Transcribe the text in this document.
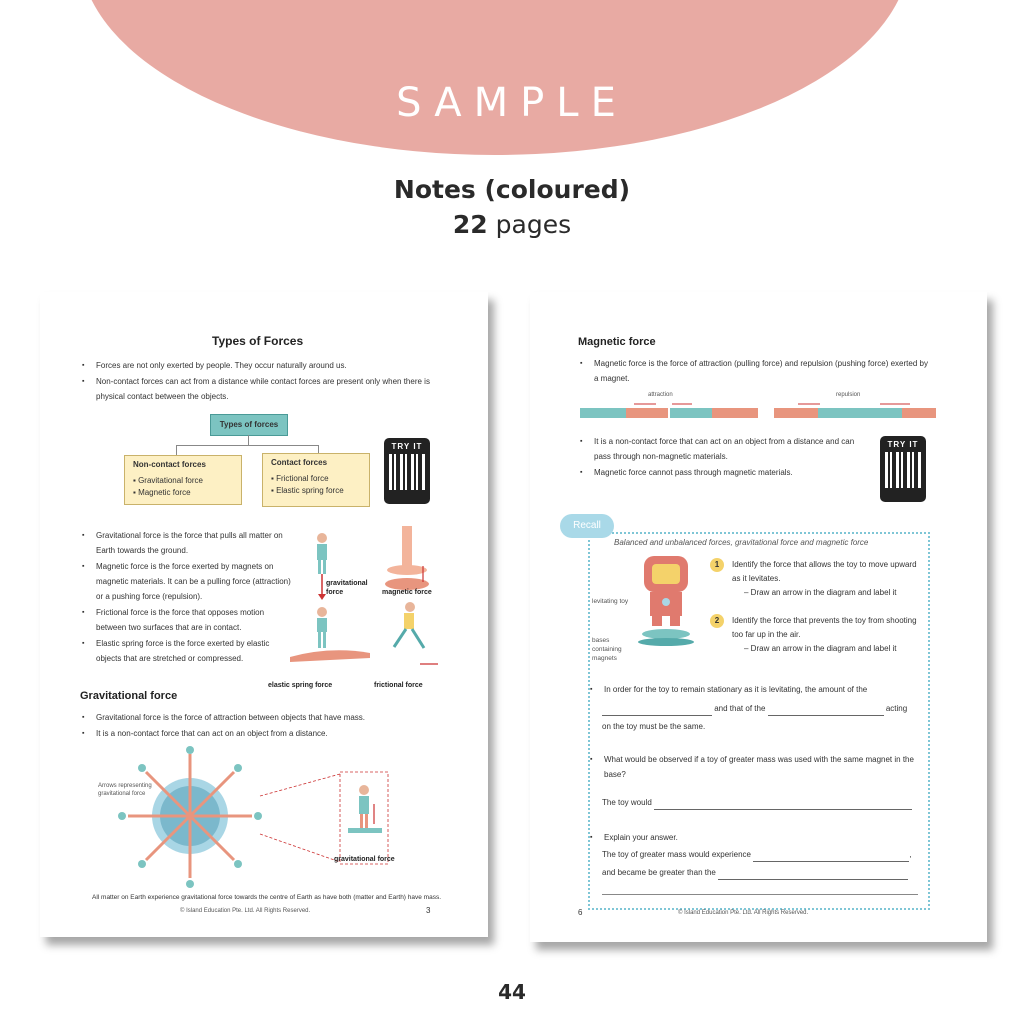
SAMPLE
Notes (coloured)
22 pages
Types of Forces

▪ Forces are not only exerted by people. They occur naturally around us.

▪ Non-contact forces can act from a distance while contact forces are present only when there is physical contact between the objects.

Types of forces
Non-contact forces
▪ Gravitational force
▪ Magnetic force
Contact forces
▪ Frictional force
▪ Elastic spring force
TRY IT

▪ Gravitational force is the force that pulls all matter on Earth towards the ground.

▪ Magnetic force is the force exerted by magnets on magnetic materials. It can be a pulling force (attraction) or a pushing force (repulsion).

▪ Frictional force is the force that opposes motion between two surfaces that are in contact.

▪ Elastic spring force is the force exerted by elastic objects that are stretched or compressed.

gravitational force	magnetic force
elastic spring force	frictional force
Gravitational force

▪ Gravitational force is the force of attraction between objects that have mass.

▪ It is a non-contact force that can act on an object from a distance.

Arrows representing gravitational force
gravitational force
All matter on Earth experience gravitational force towards the centre of Earth as have both (matter and Earth) have mass.
© Island Education Pte. Ltd. All Rights Reserved.	3
Magnetic force

▪ Magnetic force is the force of attraction (pulling force) and repulsion (pushing force) exerted by a magnet.

attraction	repulsion

▪ It is a non-contact force that can act on an object from a distance and can pass through non-magnetic materials.

▪ Magnetic force cannot pass through magnetic materials.

TRY IT
Recall
Balanced and unbalanced forces, gravitational force and magnetic force
levitating toy
bases containing magnets
1	Identify the force that allows the toy to move upward as it levitates.
– Draw an arrow in the diagram and label it
2	Identify the force that prevents the toy from shooting too far up in the air.
– Draw an arrow in the diagram and label it

▪ In order for the toy to remain stationary as it is levitating, the amount of the

and that of the	acting
on the toy must be the same.

▪ What would be observed if a toy of greater mass was used with the same magnet in the base?

The toy would

▪ Explain your answer.

The toy of greater mass would experience	,
and became be greater than the
6	© Island Education Pte. Ltd. All Rights Reserved.
44
